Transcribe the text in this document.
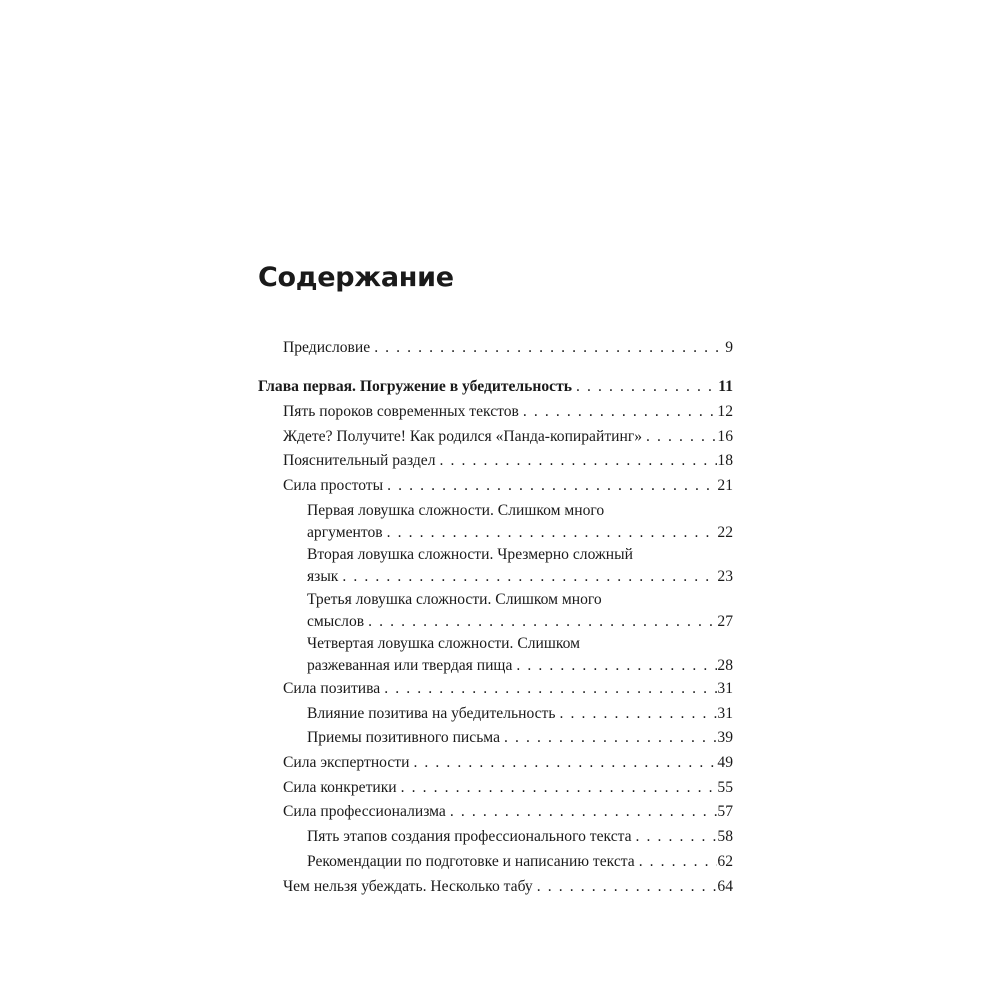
Содержание
Предисловие . . .	9
Глава первая. Погружение в убедительность . . .	11
Пять пороков современных текстов . . .	12
Ждете? Получите! Как родился «Панда-копирайтинг» . . .	16
Пояснительный раздел . . .	18
Сила простоты . . .	21
Первая ловушка сложности. Слишком много
аргументов . . .	22
Вторая ловушка сложности. Чрезмерно сложный
язык . . .	23
Третья ловушка сложности. Слишком много
смыслов . . .	27
Четвертая ловушка сложности. Слишком
разжеванная или твердая пища . . .	28
Сила позитива . . .	31
Влияние позитива на убедительность . . .	31
Приемы позитивного письма . . .	39
Сила экспертности . . .	49
Сила конкретики . . .	55
Сила профессионализма . . .	57
Пять этапов создания профессионального текста . . .	58
Рекомендации по подготовке и написанию текста . . .	62
Чем нельзя убеждать. Несколько табу . . .	64
